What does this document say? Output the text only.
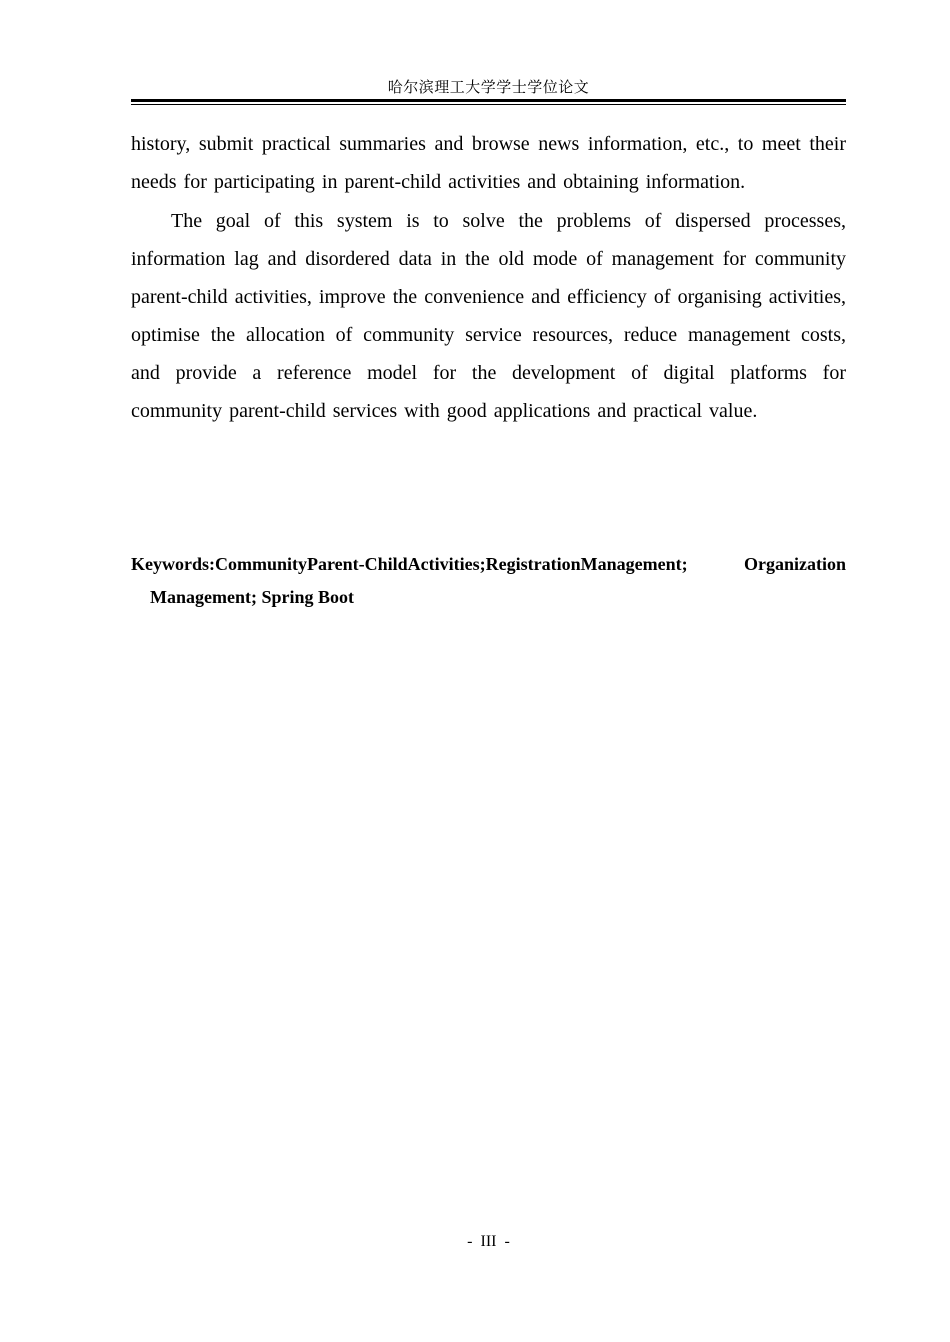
哈尔滨理工大学学士学位论文

history, submit practical summaries and browse news information, etc., to meet their needs for participating in parent-child activities and obtaining information.

The goal of this system is to solve the problems of dispersed processes, information lag and disordered data in the old mode of management for community parent-child activities, improve the convenience and efficiency of organising activities, optimise the allocation of community service resources, reduce management costs, and provide a reference model for the development of digital platforms for community parent-child services with good applications and practical value.

Keywords:CommunityParent-ChildActivities;RegistrationManagement; Organization Management; Spring Boot
- III -
